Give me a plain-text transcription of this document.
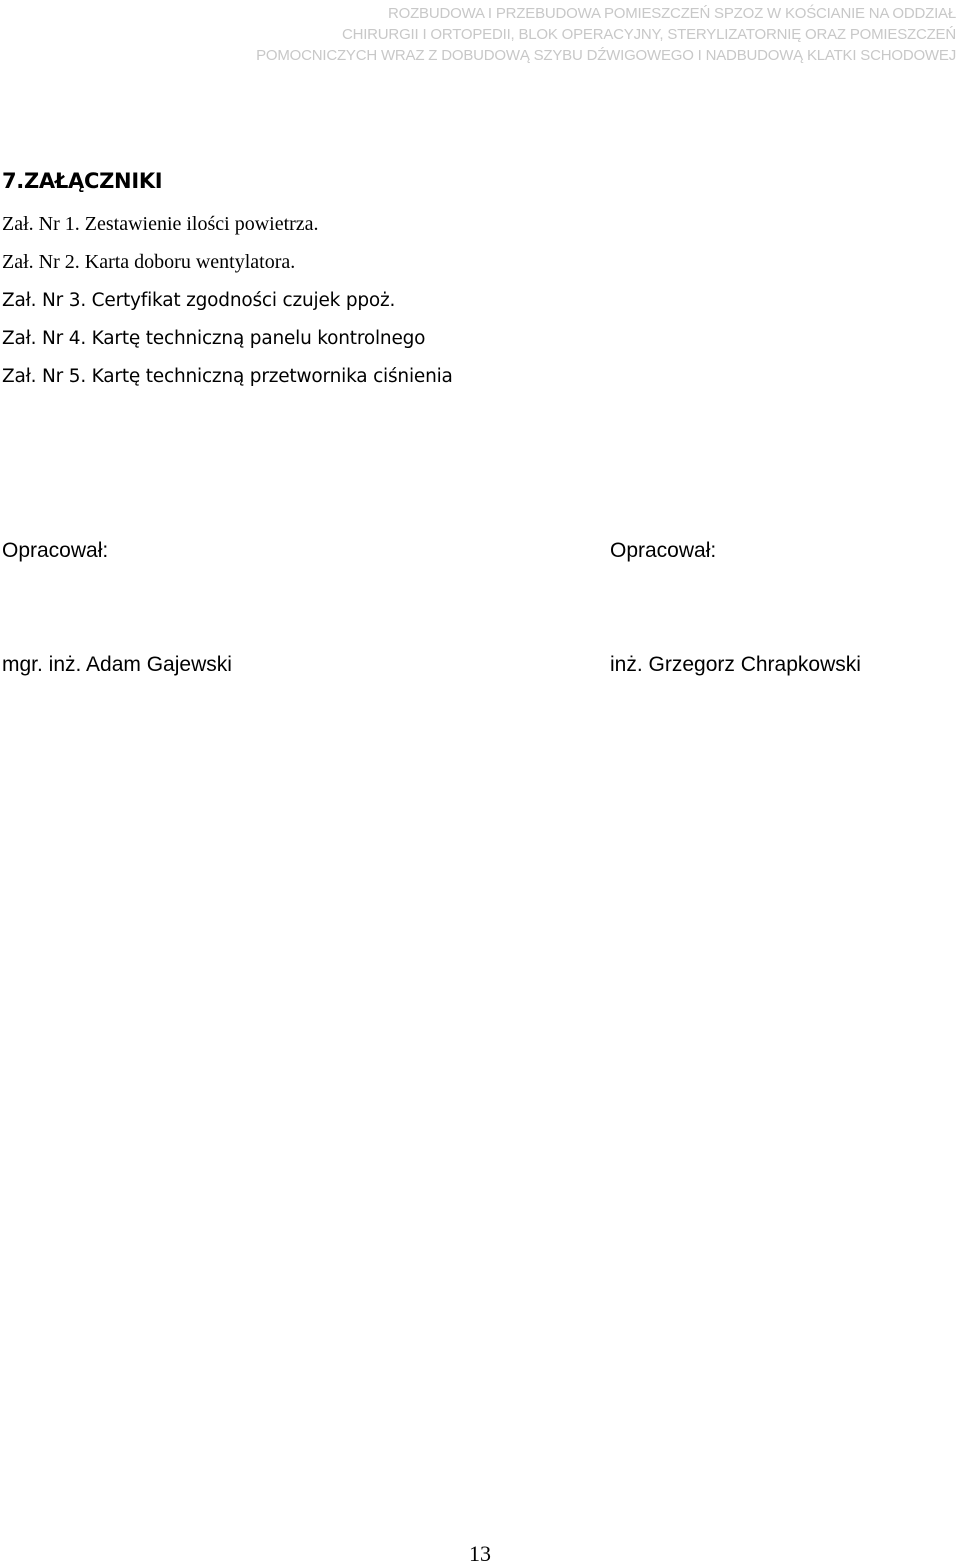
ROZBUDOWA I PRZEBUDOWA POMIESZCZEŃ SPZOZ W KOŚCIANIE NA ODDZIAŁ
CHIRURGII I ORTOPEDII, BLOK OPERACYJNY, STERYLIZATORNIĘ ORAZ POMIESZCZEŃ
POMOCNICZYCH WRAZ Z DOBUDOWĄ SZYBU DŹWIGOWEGO I NADBUDOWĄ KLATKI SCHODOWEJ
7.ZAŁĄCZNIKI
Zał. Nr 1. Zestawienie ilości powietrza.
Zał. Nr 2. Karta doboru wentylatora.
Zał. Nr 3. Certyfikat zgodności czujek ppoż.
Zał. Nr 4. Kartę techniczną panelu kontrolnego
Zał. Nr 5. Kartę techniczną przetwornika ciśnienia
Opracował:	Opracował:
mgr. inż. Adam Gajewski	inż. Grzegorz Chrapkowski
13
